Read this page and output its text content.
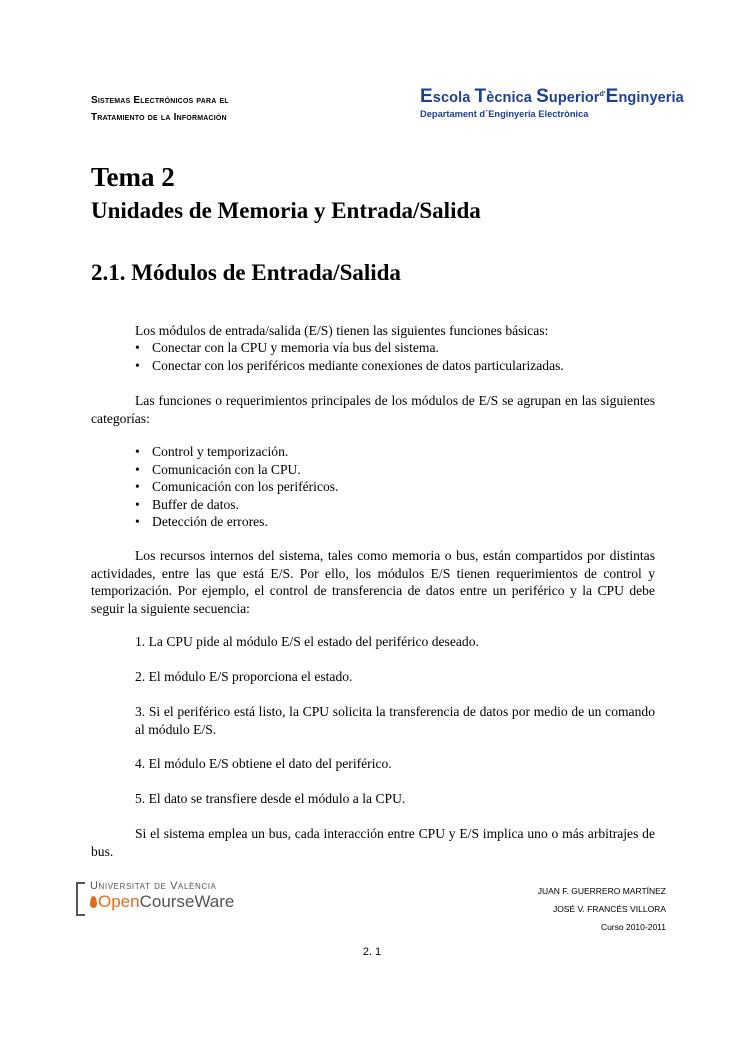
Sistemas Electrónicos para el
Tratamiento de la Información
Escola Tècnica Superior$^{d'}$Enginyeria
Departament d´Enginyeria Electrònica
Tema 2
Unidades de Memoria y Entrada/Salida
2.1. Módulos de Entrada/Salida
Los módulos de entrada/salida (E/S) tienen las siguientes funciones básicas:
• Conectar con la CPU y memoria vía bus del sistema.
• Conectar con los periféricos mediante conexiones de datos particularizadas.
Las funciones o requerimientos principales de los módulos de E/S se agrupan en las siguientes categorías:
• Control y temporización.
• Comunicación con la CPU.
• Comunicación con los periféricos.
• Buffer de datos.
• Detección de errores.
Los recursos internos del sistema, tales como memoria o bus, están compartidos por distintas actividades, entre las que está E/S. Por ello, los módulos E/S tienen requerimientos de control y temporización. Por ejemplo, el control de transferencia de datos entre un periférico y la CPU debe seguir la siguiente secuencia:
1. La CPU pide al módulo E/S el estado del periférico deseado.
2. El módulo E/S proporciona el estado.
3. Si el periférico está listo, la CPU solicita la transferencia de datos por medio de un comando al módulo E/S.
4. El módulo E/S obtiene el dato del periférico.
5. El dato se transfiere desde el módulo a la CPU.
Si el sistema emplea un bus, cada interacción entre CPU y E/S implica uno o más arbitrajes de bus.
Universitat de València
OpenCourseWare
JUAN F. GUERRERO MARTÍNEZ
JOSÉ V. FRANCÉS VILLORA
Curso 2010-2011
2. 1
